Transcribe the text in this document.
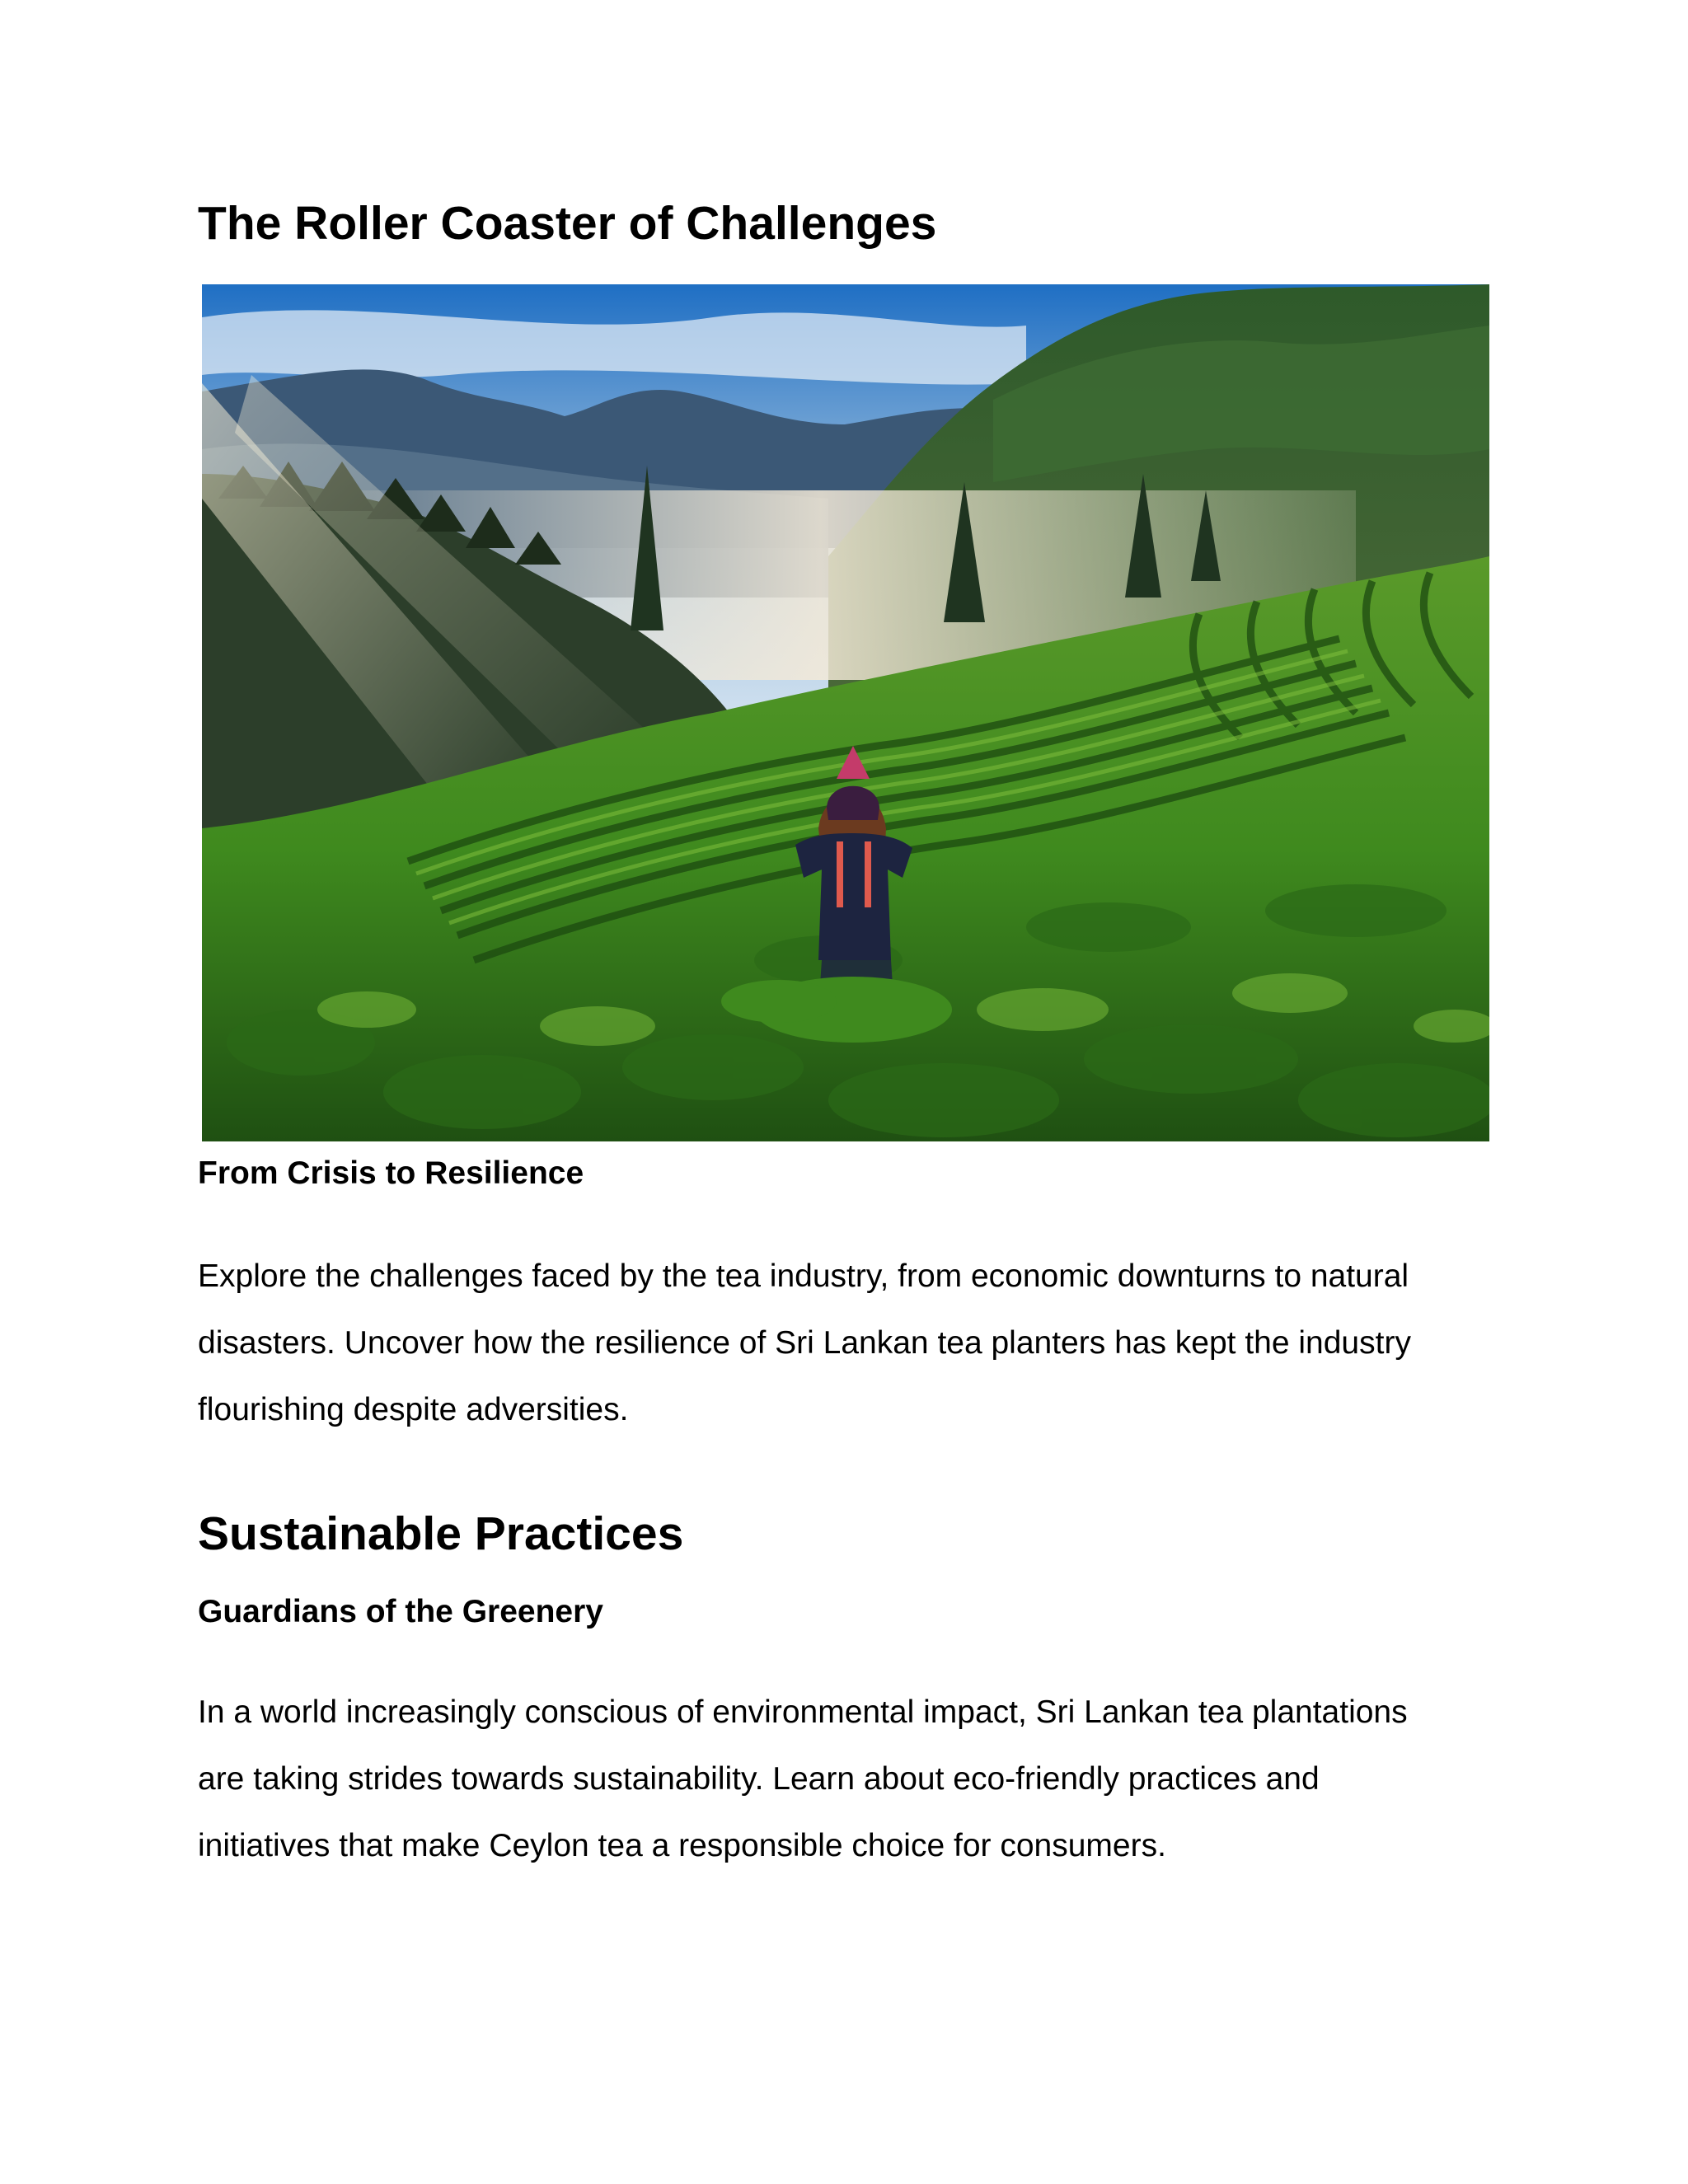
The Roller Coaster of Challenges

From Crisis to Resilience

Explore the challenges faced by the tea industry, from economic downturns to natural
disasters. Uncover how the resilience of Sri Lankan tea planters has kept the industry
flourishing despite adversities.

Sustainable Practices

Guardians of the Greenery

In a world increasingly conscious of environmental impact, Sri Lankan tea plantations
are taking strides towards sustainability. Learn about eco-friendly practices and
initiatives that make Ceylon tea a responsible choice for consumers.
